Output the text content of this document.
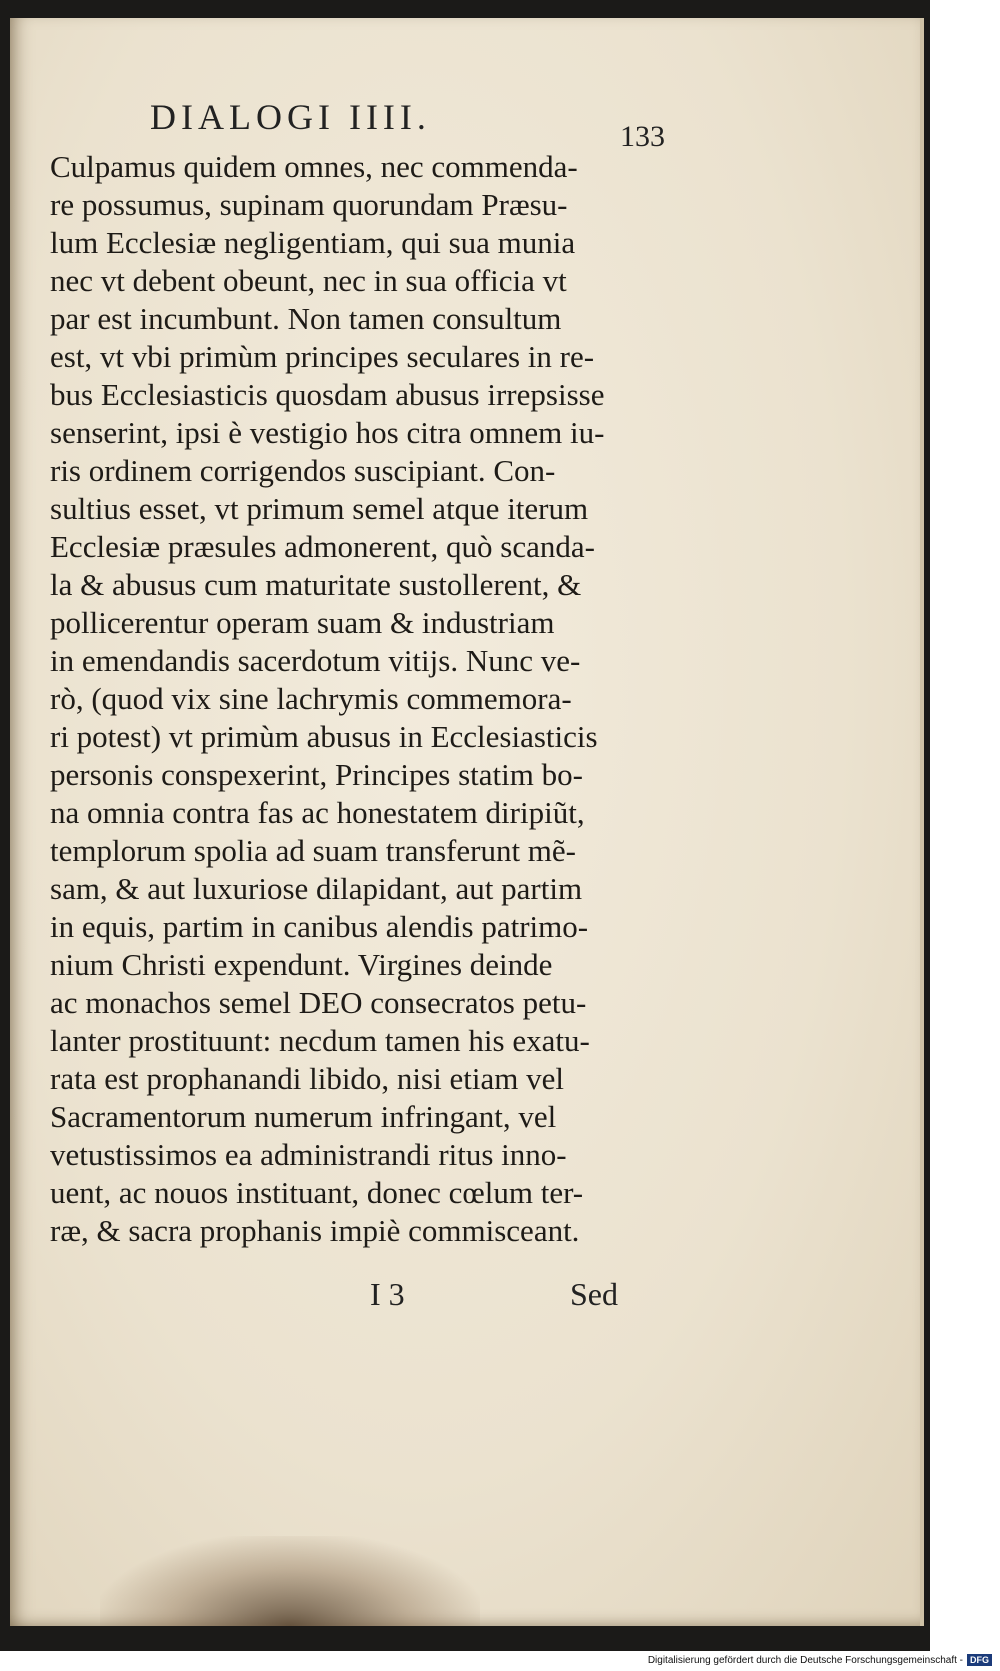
DIALOGI IIII.	133
Culpamus quidem omnes, nec commenda-
re possumus, supinam quorundam Præsu-
lum Ecclesiæ negligentiam, qui sua munia
nec vt debent obeunt, nec in sua officia vt
par est incumbunt. Non tamen consultum
est, vt vbi primùm principes seculares in re-
bus Ecclesiasticis quosdam abusus irrepsisse
senserint, ipsi è vestigio hos citra omnem iu-
ris ordinem corrigendos suscipiant. Con-
sultius esset, vt primum semel atque iterum
Ecclesiæ præsules admonerent, quò scanda-
la & abusus cum maturitate sustollerent, &
pollicerentur operam suam & industriam
in emendandis sacerdotum vitijs. Nunc ve-
rò, (quod vix sine lachrymis commemora-
ri potest) vt primùm abusus in Ecclesiasticis
personis conspexerint, Principes statim bo-
na omnia contra fas ac honestatem diripiũt,
templorum spolia ad suam transferunt mẽ-
sam, & aut luxuriose dilapidant, aut partim
in equis, partim in canibus alendis patrimo-
nium Christi expendunt. Virgines deinde
ac monachos semel DEO consecratos petu-
lanter prostituunt: necdum tamen his exatu-
rata est prophanandi libido, nisi etiam vel
Sacramentorum numerum infringant, vel
vetustissimos ea administrandi ritus inno-
uent, ac nouos instituant, donec cœlum ter-
ræ, & sacra prophanis impiè commisceant.
I 3	Sed
Digitalisierung gefördert durch die Deutsche Forschungsgemeinschaft - DFG
